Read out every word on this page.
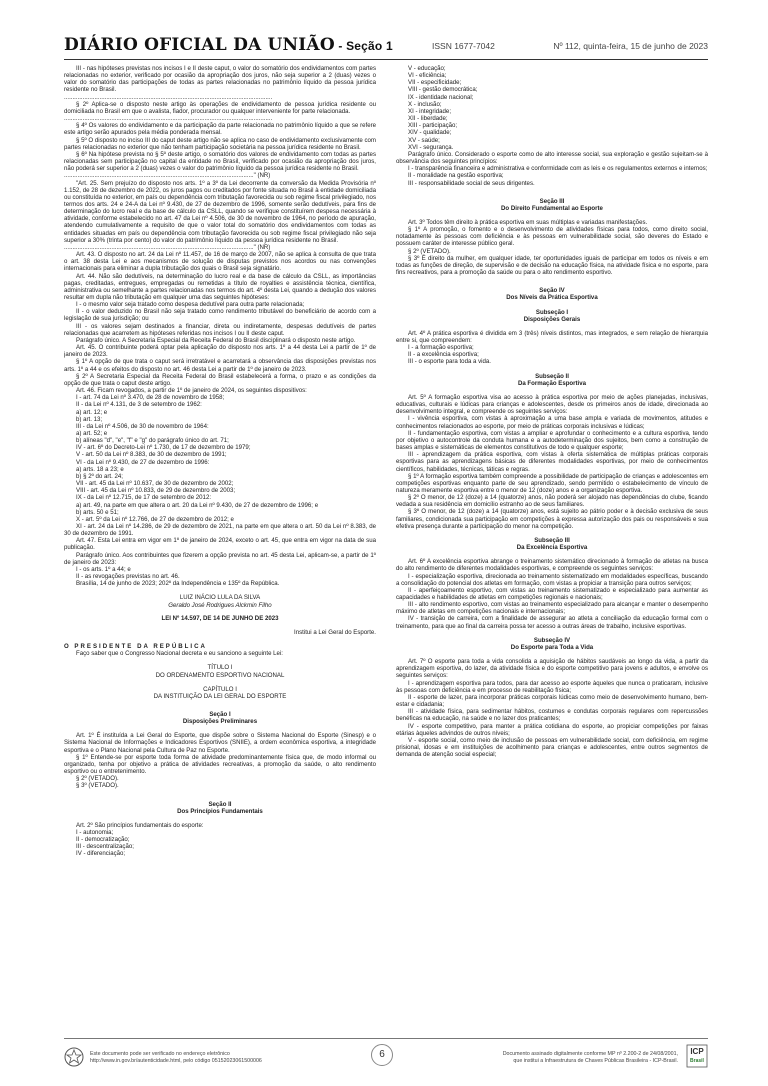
DIÁRIO OFICIAL DA UNIÃO - Seção 1	ISSN 1677-7042	Nº 112, quinta-feira, 15 de junho de 2023

III - nas hipóteses previstas nos incisos I e II deste caput, o valor do somatório dos endividamentos com partes relacionadas no exterior, verificado por ocasião da apropriação dos juros, não seja superior a 2 (duas) vezes o valor do somatório das participações de todas as partes relacionadas no patrimônio líquido da pessoa jurídica residente no Brasil.

...........................................................................................................................

§ 2º Aplica-se o disposto neste artigo às operações de endividamento de pessoa jurídica residente ou domiciliada no Brasil em que o avalista, fiador, procurador ou qualquer interveniente for parte relacionada.

...........................................................................................................................

§ 4º Os valores do endividamento e da participação da parte relacionada no patrimônio líquido a que se refere este artigo serão apurados pela média ponderada mensal.

§ 5º O disposto no inciso III do caput deste artigo não se aplica no caso de endividamento exclusivamente com partes relacionadas no exterior que não tenham participação societária na pessoa jurídica residente no Brasil.

§ 6º Na hipótese prevista no § 5º deste artigo, o somatório dos valores de endividamento com todas as partes relacionadas sem participação no capital da entidade no Brasil, verificado por ocasião da apropriação dos juros, não poderá ser superior a 2 (duas) vezes o valor do patrimônio líquido da pessoa jurídica residente no Brasil.

................................................................................................................" (NR)

"Art. 25. Sem prejuízo do disposto nos arts. 1º a 3º da Lei decorrente da conversão da Medida Provisória nº 1.152, de 28 de dezembro de 2022, os juros pagos ou creditados por fonte situada no Brasil à entidade domiciliada ou constituída no exterior, em país ou dependência com tributação favorecida ou sob regime fiscal privilegiado, nos termos dos arts. 24 e 24-A da Lei nº 9.430, de 27 de dezembro de 1996, somente serão dedutíveis, para fins de determinação do lucro real e da base de cálculo da CSLL, quando se verifique constituírem despesa necessária à atividade, conforme estabelecido no art. 47 da Lei nº 4.506, de 30 de novembro de 1964, no período de apuração, atendendo cumulativamente a requisito de que o valor total do somatório dos endividamentos com todas as entidades situadas em país ou dependência com tributação favorecida ou sob regime fiscal privilegiado não seja superior a 30% (trinta por cento) do valor do patrimônio líquido da pessoa jurídica residente no Brasil.

................................................................................................................" (NR)

Art. 43. O disposto no art. 24 da Lei nº 11.457, de 16 de março de 2007, não se aplica à consulta de que trata o art. 38 desta Lei e aos mecanismos de solução de disputas previstos nos acordos ou nas convenções internacionais para eliminar a dupla tributação dos quais o Brasil seja signatário.

Art. 44. Não são dedutíveis, na determinação do lucro real e da base de cálculo da CSLL, as importâncias pagas, creditadas, entregues, empregadas ou remetidas a título de royalties e assistência técnica, científica, administrativa ou semelhante a partes relacionadas nos termos do art. 4º desta Lei, quando a dedução dos valores resultar em dupla não tributação em qualquer uma das seguintes hipóteses:

I - o mesmo valor seja tratado como despesa dedutível para outra parte relacionada;

II - o valor deduzido no Brasil não seja tratado como rendimento tributável do beneficiário de acordo com a legislação de sua jurisdição; ou

III - os valores sejam destinados a financiar, direta ou indiretamente, despesas dedutíveis de partes relacionadas que acarretem as hipóteses referidas nos incisos I ou II deste caput.

Parágrafo único. A Secretaria Especial da Receita Federal do Brasil disciplinará o disposto neste artigo.

Art. 45. O contribuinte poderá optar pela aplicação do disposto nos arts. 1º a 44 desta Lei a partir de 1º de janeiro de 2023.

§ 1º A opção de que trata o caput será irretratável e acarretará a observância das disposições previstas nos arts. 1º a 44 e os efeitos do disposto no art. 46 desta Lei a partir de 1º de janeiro de 2023.

§ 2º A Secretaria Especial da Receita Federal do Brasil estabelecerá a forma, o prazo e as condições da opção de que trata o caput deste artigo.

Art. 46. Ficam revogados, a partir de 1º de janeiro de 2024, os seguintes dispositivos:

I - art. 74 da Lei nº 3.470, de 28 de novembro de 1958;

II - da Lei nº 4.131, de 3 de setembro de 1962:

a) art. 12; e

b) art. 13;

III - da Lei nº 4.506, de 30 de novembro de 1964:

a) art. 52; e

b) alíneas "d", "e", "f" e "g" do parágrafo único do art. 71;

IV - art. 6º do Decreto-Lei nº 1.730, de 17 de dezembro de 1979;

V - art. 50 da Lei nº 8.383, de 30 de dezembro de 1991;

VI - da Lei nº 9.430, de 27 de dezembro de 1996:

a) arts. 18 a 23; e

b) § 2º do art. 24;

VII - art. 45 da Lei nº 10.637, de 30 de dezembro de 2002;

VIII - art. 45 da Lei nº 10.833, de 29 de dezembro de 2003;

IX - da Lei nº 12.715, de 17 de setembro de 2012:

a) art. 49, na parte em que altera o art. 20 da Lei nº 9.430, de 27 de dezembro de 1996; e

b) arts. 50 e 51;

X - art. 5º da Lei nº 12.766, de 27 de dezembro de 2012; e

XI - art. 24 da Lei nº 14.286, de 29 de dezembro de 2021, na parte em que altera o art. 50 da Lei nº 8.383, de 30 de dezembro de 1991.

Art. 47. Esta Lei entra em vigor em 1º de janeiro de 2024, exceto o art. 45, que entra em vigor na data de sua publicação.

Parágrafo único. Aos contribuintes que fizerem a opção prevista no art. 45 desta Lei, aplicam-se, a partir de 1º de janeiro de 2023:

I - os arts. 1º a 44; e

II - as revogações previstas no art. 46.

Brasília, 14 de junho de 2023; 202º da Independência e 135º da República.

LUIZ INÁCIO LULA DA SILVA

Geraldo José Rodrigues Alckmin Filho

LEI Nº 14.597, DE 14 DE JUNHO DE 2023

Institui a Lei Geral do Esporte.

O PRESIDENTE DA REPÚBLICA

Faço saber que o Congresso Nacional decreta e eu sanciono a seguinte Lei:

TÍTULO I

DO ORDENAMENTO ESPORTIVO NACIONAL

CAPÍTULO I

DA INSTITUIÇÃO DA LEI GERAL DO ESPORTE

Seção I

Disposições Preliminares

Art. 1º É instituída a Lei Geral do Esporte, que dispõe sobre o Sistema Nacional do Esporte (Sinesp) e o Sistema Nacional de Informações e Indicadores Esportivos (SNIIE), a ordem econômica esportiva, a integridade esportiva e o Plano Nacional pela Cultura de Paz no Esporte.

§ 1º Entende-se por esporte toda forma de atividade predominantemente física que, de modo informal ou organizado, tenha por objetivo a prática de atividades recreativas, a promoção da saúde, o alto rendimento esportivo ou o entretenimento.

§ 2º (VETADO).

§ 3º (VETADO).

Seção II

Dos Princípios Fundamentais

Art. 2º São princípios fundamentais do esporte:

I - autonomia;

II - democratização;

III - descentralização;

IV - diferenciação;

V - educação;

VI - eficiência;

VII - especificidade;

VIII - gestão democrática;

IX - identidade nacional;

X - inclusão;

XI - integridade;

XII - liberdade;

XIII - participação;

XIV - qualidade;

XV - saúde;

XVI - segurança.

Parágrafo único. Considerado o esporte como de alto interesse social, sua exploração e gestão sujeitam-se à observância dos seguintes princípios:

I - transparência financeira e administrativa e conformidade com as leis e os regulamentos externos e internos;

II - moralidade na gestão esportiva;

III - responsabilidade social de seus dirigentes.

Seção III

Do Direito Fundamental ao Esporte

Art. 3º Todos têm direito à prática esportiva em suas múltiplas e variadas manifestações.

§ 1º A promoção, o fomento e o desenvolvimento de atividades físicas para todos, como direito social, notadamente às pessoas com deficiência e às pessoas em vulnerabilidade social, são deveres do Estado e possuem caráter de interesse público geral.

§ 2º (VETADO).

§ 3º É direito da mulher, em qualquer idade, ter oportunidades iguais de participar em todos os níveis e em todas as funções de direção, de supervisão e de decisão na educação física, na atividade física e no esporte, para fins recreativos, para a promoção da saúde ou para o alto rendimento esportivo.

Seção IV

Dos Níveis da Prática Esportiva

Subseção I

Disposições Gerais

Art. 4º A prática esportiva é dividida em 3 (três) níveis distintos, mas integrados, e sem relação de hierarquia entre si, que compreendem:

I - a formação esportiva;

II - a excelência esportiva;

III - o esporte para toda a vida.

Subseção II

Da Formação Esportiva

Art. 5º A formação esportiva visa ao acesso à prática esportiva por meio de ações planejadas, inclusivas, educativas, culturais e lúdicas para crianças e adolescentes, desde os primeiros anos de idade, direcionada ao desenvolvimento integral, e compreende os seguintes serviços:

I - vivência esportiva, com vistas à aproximação a uma base ampla e variada de movimentos, atitudes e conhecimentos relacionados ao esporte, por meio de práticas corporais inclusivas e lúdicas;

II - fundamentação esportiva, com vistas a ampliar e aprofundar o conhecimento e a cultura esportiva, tendo por objetivo o autocontrole da conduta humana e a autodeterminação dos sujeitos, bem como a construção de bases amplas e sistemáticas de elementos constitutivos de todo e qualquer esporte;

III - aprendizagem da prática esportiva, com vistas à oferta sistemática de múltiplas práticas corporais esportivas para as aprendizagens básicas de diferentes modalidades esportivas, por meio de conhecimentos científicos, habilidades, técnicas, táticas e regras.

§ 1º A formação esportiva também compreende a possibilidade de participação de crianças e adolescentes em competições esportivas enquanto parte de seu aprendizado, sendo permitido o estabelecimento de vínculo de natureza meramente esportiva entre o menor de 12 (doze) anos e a organização esportiva.

§ 2º O menor, de 12 (doze) a 14 (quatorze) anos, não poderá ser alojado nas dependências do clube, ficando vedada a sua residência em domicílio estranho ao de seus familiares.

§ 3º O menor, de 12 (doze) a 14 (quatorze) anos, está sujeito ao pátrio poder e à decisão exclusiva de seus familiares, condicionada sua participação em competições à expressa autorização dos pais ou responsáveis e sua efetiva presença durante a participação do menor na competição.

Subseção III

Da Excelência Esportiva

Art. 6º A excelência esportiva abrange o treinamento sistemático direcionado à formação de atletas na busca do alto rendimento de diferentes modalidades esportivas, e compreende os seguintes serviços:

I - especialização esportiva, direcionada ao treinamento sistematizado em modalidades específicas, buscando a consolidação do potencial dos atletas em formação, com vistas a propiciar a transição para outros serviços;

II - aperfeiçoamento esportivo, com vistas ao treinamento sistematizado e especializado para aumentar as capacidades e habilidades de atletas em competições regionais e nacionais;

III - alto rendimento esportivo, com vistas ao treinamento especializado para alcançar e manter o desempenho máximo de atletas em competições nacionais e internacionais;

IV - transição de carreira, com a finalidade de assegurar ao atleta a conciliação da educação formal com o treinamento, para que ao final da carreira possa ter acesso a outras áreas de trabalho, inclusive esportivas.

Subseção IV

Do Esporte para Toda a Vida

Art. 7º O esporte para toda a vida consolida a aquisição de hábitos saudáveis ao longo da vida, a partir da aprendizagem esportiva, do lazer, da atividade física e do esporte competitivo para jovens e adultos, e envolve os seguintes serviços:

I - aprendizagem esportiva para todos, para dar acesso ao esporte àqueles que nunca o praticaram, inclusive às pessoas com deficiência e em processo de reabilitação física;

II - esporte de lazer, para incorporar práticas corporais lúdicas como meio de desenvolvimento humano, bem-estar e cidadania;

III - atividade física, para sedimentar hábitos, costumes e condutas corporais regulares com repercussões benéficas na educação, na saúde e no lazer dos praticantes;

IV - esporte competitivo, para manter a prática cotidiana do esporte, ao propiciar competições por faixas etárias àqueles advindos de outros níveis;

V - esporte social, como meio de inclusão de pessoas em vulnerabilidade social, com deficiência, em regime prisional, idosas e em instituições de acolhimento para crianças e adolescentes, entre outros segmentos de demanda de atenção social especial;

Este documento pode ser verificado no endereço eletrônico
http://www.in.gov.br/autenticidade.html, pelo código 05152023061500006
6	Documento assinado digitalmente conforme MP nº 2.200-2 de 24/08/2001,
que institui a Infraestrutura de Chaves Públicas Brasileira - ICP-Brasil.
ICP
Brasil
